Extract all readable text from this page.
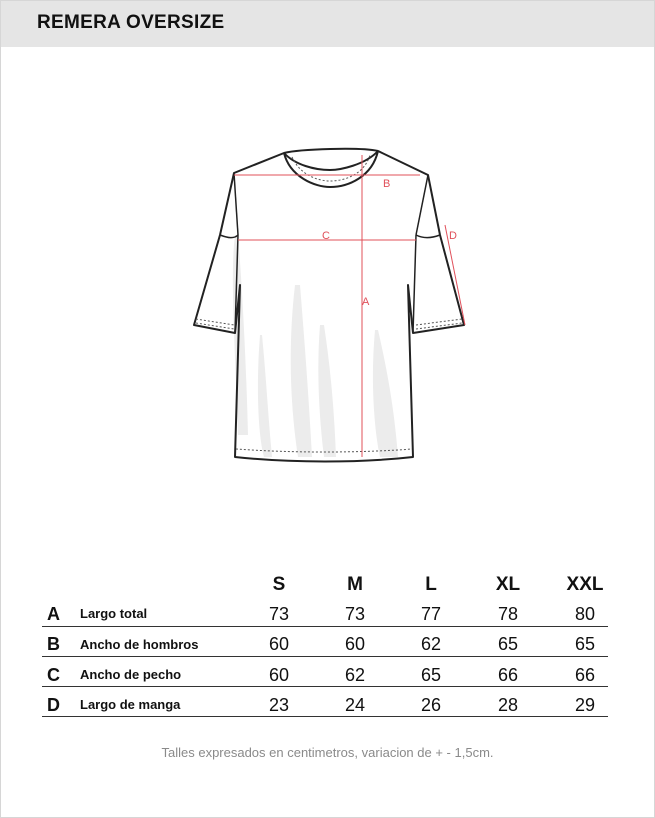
REMERA OVERSIZE
B
C
A
D
S	M	L	XL	XXL
A Largo total	73	73	77	78	80
B Ancho de hombros	60	60	62	65	65
C Ancho de pecho	60	62	65	66	66
D Largo de manga	23	24	26	28	29
Talles expresados en centimetros, variacion de + - 1,5cm.
